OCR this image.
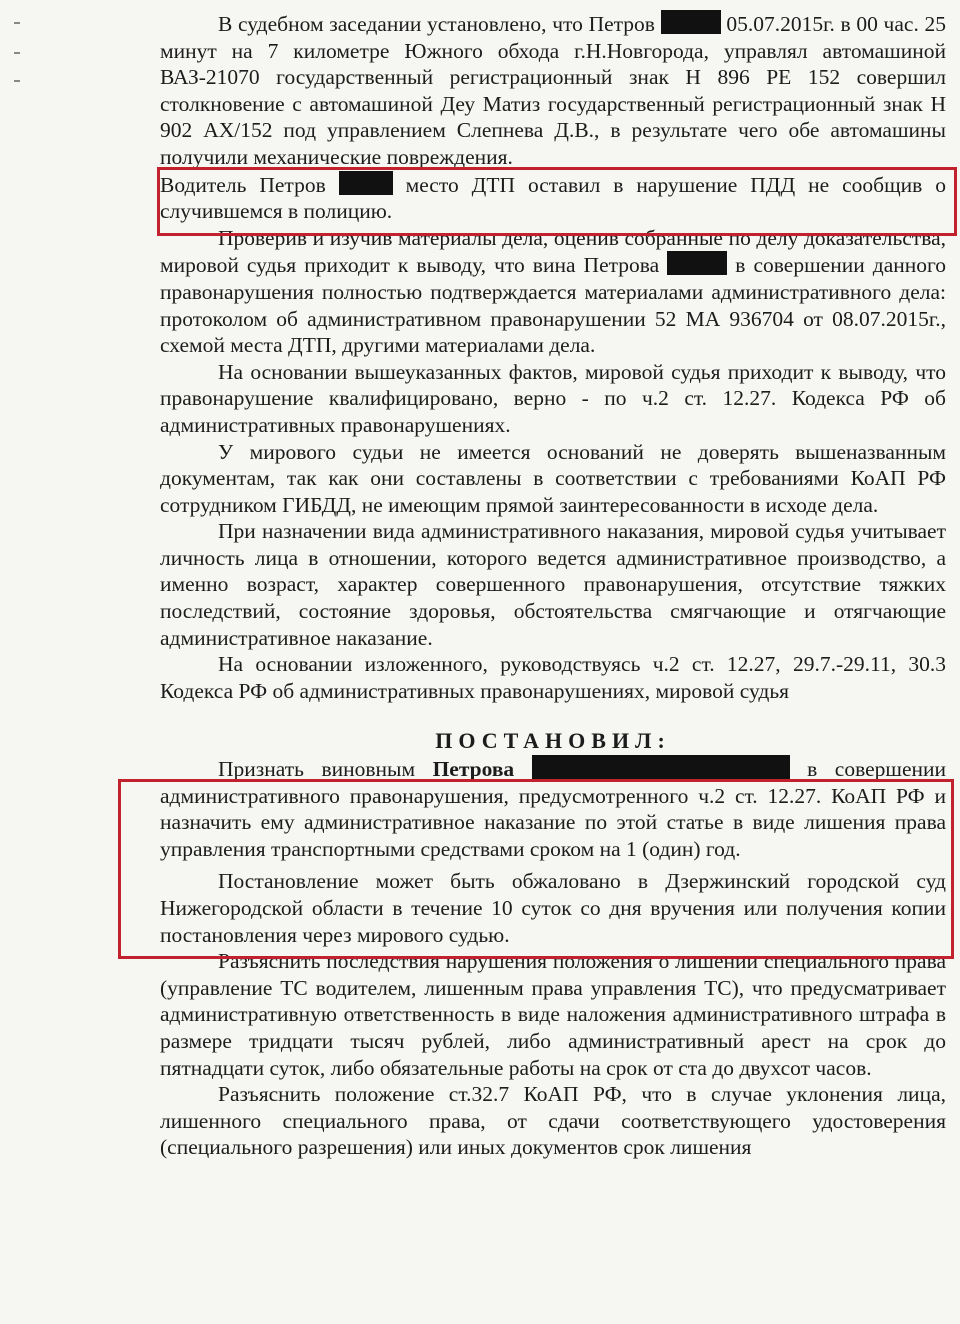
В судебном заседании установлено, что Петров	05.07.2015г. в 00 час. 25 минут на 7 километре Южного обхода г.Н.Новгорода, управлял автомашиной ВАЗ-21070 государственный регистрационный знак Н 896 РЕ 152 совершил столкновение с автомашиной Деу Матиз государственный регистрационный знак Н 902 АХ/152 под управлением Слепнева Д.В., в результате чего обе автомашины получили механические повреждения.

Водитель Петров	место ДТП оставил в нарушение ПДД не сообщив о случившемся в полицию.

Проверив и изучив материалы дела, оценив собранные по делу доказательства, мировой судья приходит к выводу, что вина Петрова	в совершении данного правонарушения полностью подтверждается материалами административного дела: протоколом об административном правонарушении 52 МА 936704 от 08.07.2015г., схемой места ДТП, другими материалами дела.

На основании вышеуказанных фактов, мировой судья приходит к выводу, что правонарушение квалифицировано, верно - по ч.2 ст. 12.27. Кодекса РФ об административных правонарушениях.

У мирового судьи не имеется оснований не доверять вышеназванным документам, так как они составлены в соответствии с требованиями КоАП РФ сотрудником ГИБДД, не имеющим прямой заинтересованности в исходе дела.

При назначении вида административного наказания, мировой судья учитывает личность лица в отношении, которого ведется административное производство, а именно возраст, характер совершенного правонарушения, отсутствие тяжких последствий, состояние здоровья, обстоятельства смягчающие и отягчающие административное наказание.

На основании изложенного, руководствуясь ч.2 ст. 12.27, 29.7.-29.11, 30.3 Кодекса РФ об административных правонарушениях, мировой судья

ПОСТАНОВИЛ:

Признать виновным Петрова	в совершении административного правонарушения, предусмотренного ч.2 ст. 12.27. КоАП РФ и назначить ему административное наказание по этой статье в виде лишения права управления транспортными средствами сроком на 1 (один) год.

Постановление может быть обжаловано в Дзержинский городской суд Нижегородской области в течение 10 суток со дня вручения или получения копии постановления через мирового судью.

Разъяснить последствия нарушения положения о лишении специального права (управление ТС водителем, лишенным права управления ТС), что предусматривает административную ответственность в виде наложения административного штрафа в размере тридцати тысяч рублей, либо административный арест на срок до пятнадцати суток, либо обязательные работы на срок от ста до двухсот часов.

Разъяснить положение ст.32.7 КоАП РФ, что в случае уклонения лица, лишенного специального права, от сдачи соответствующего удостоверения (специального разрешения) или иных документов срок лишения
